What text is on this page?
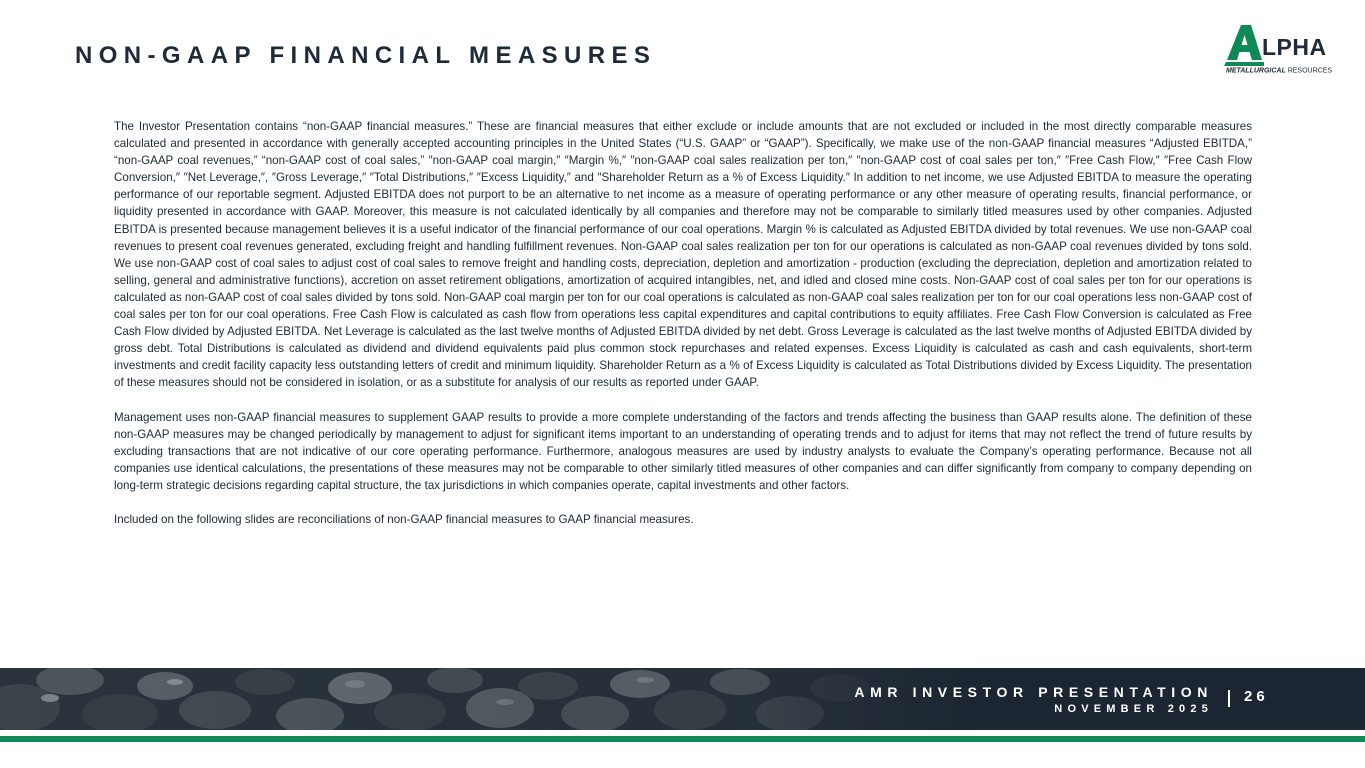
NON-GAAP FINANCIAL MEASURES	LPHA
METALLURGICAL RESOURCES

The Investor Presentation contains “non-GAAP financial measures.” These are financial measures that either exclude or include amounts that are not excluded or included in the most directly comparable measures calculated and presented in accordance with generally accepted accounting principles in the United States (“U.S. GAAP” or “GAAP”). Specifically, we make use of the non-GAAP financial measures “Adjusted EBITDA,” “non-GAAP coal revenues,” “non-GAAP cost of coal sales,” ″non-GAAP coal margin,″ ″Margin %,″ ″non-GAAP coal sales realization per ton,″ ″non-GAAP cost of coal sales per ton,″ ″Free Cash Flow,″ ″Free Cash Flow Conversion,″ ″Net Leverage,″, ″Gross Leverage,″ ″Total Distributions,″ ″Excess Liquidity,″ and ″Shareholder Return as a % of Excess Liquidity.″ In addition to net income, we use Adjusted EBITDA to measure the operating performance of our reportable segment. Adjusted EBITDA does not purport to be an alternative to net income as a measure of operating performance or any other measure of operating results, financial performance, or liquidity presented in accordance with GAAP. Moreover, this measure is not calculated identically by all companies and therefore may not be comparable to similarly titled measures used by other companies. Adjusted EBITDA is presented because management believes it is a useful indicator of the financial performance of our coal operations. Margin % is calculated as Adjusted EBITDA divided by total revenues. We use non-GAAP coal revenues to present coal revenues generated, excluding freight and handling fulfillment revenues. Non-GAAP coal sales realization per ton for our operations is calculated as non-GAAP coal revenues divided by tons sold. We use non-GAAP cost of coal sales to adjust cost of coal sales to remove freight and handling costs, depreciation, depletion and amortization - production (excluding the depreciation, depletion and amortization related to selling, general and administrative functions), accretion on asset retirement obligations, amortization of acquired intangibles, net, and idled and closed mine costs. Non-GAAP cost of coal sales per ton for our operations is calculated as non-GAAP cost of coal sales divided by tons sold. Non-GAAP coal margin per ton for our coal operations is calculated as non-GAAP coal sales realization per ton for our coal operations less non-GAAP cost of coal sales per ton for our coal operations. Free Cash Flow is calculated as cash flow from operations less capital expenditures and capital contributions to equity affiliates. Free Cash Flow Conversion is calculated as Free Cash Flow divided by Adjusted EBITDA. Net Leverage is calculated as the last twelve months of Adjusted EBITDA divided by net debt. Gross Leverage is calculated as the last twelve months of Adjusted EBITDA divided by gross debt. Total Distributions is calculated as dividend and dividend equivalents paid plus common stock repurchases and related expenses. Excess Liquidity is calculated as cash and cash equivalents, short-term investments and credit facility capacity less outstanding letters of credit and minimum liquidity. Shareholder Return as a % of Excess Liquidity is calculated as Total Distributions divided by Excess Liquidity. The presentation of these measures should not be considered in isolation, or as a substitute for analysis of our results as reported under GAAP.

Management uses non-GAAP financial measures to supplement GAAP results to provide a more complete understanding of the factors and trends affecting the business than GAAP results alone. The definition of these non-GAAP measures may be changed periodically by management to adjust for significant items important to an understanding of operating trends and to adjust for items that may not reflect the trend of future results by excluding transactions that are not indicative of our core operating performance. Furthermore, analogous measures are used by industry analysts to evaluate the Company’s operating performance. Because not all companies use identical calculations, the presentations of these measures may not be comparable to other similarly titled measures of other companies and can differ significantly from company to company depending on long-term strategic decisions regarding capital structure, the tax jurisdictions in which companies operate, capital investments and other factors.

Included on the following slides are reconciliations of non-GAAP financial measures to GAAP financial measures.

AMR INVESTOR PRESENTATION
NOVEMBER 2025
26
